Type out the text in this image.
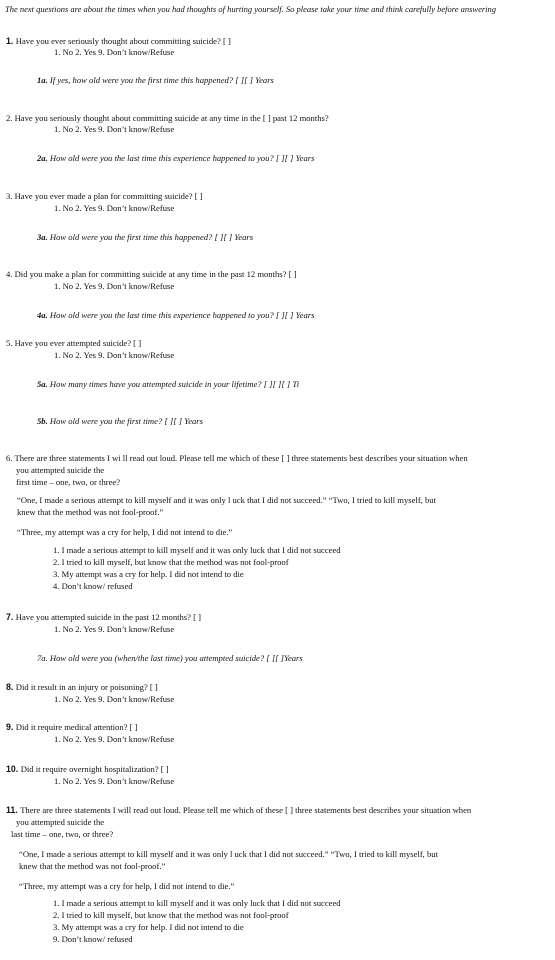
The next questions are about the times when you had thoughts of hurting yourself. So please take your time and think carefully before answering
1. Have you ever seriously thought about committing suicide? [ ]
1. No 2. Yes 9. Don’t know/Refuse
1a. If yes, how old were you the first time this happened? [ ][ ] Years
2. Have you seriously thought about committing suicide at any time in the [ ] past 12 months?
1. No 2. Yes 9. Don’t know/Refuse
2a. How old were you the last time this experience happened to you? [ ][ ] Years
3. Have you ever made a plan for committing suicide? [ ]
1. No 2. Yes 9. Don’t know/Refuse
3a. How old were you the first time this happened? [ ][ ] Years
4. Did you make a plan for committing suicide at any time in the past 12 months? [ ]
1. No 2. Yes 9. Don’t know/Refuse
4a. How old were you the last time this experience happened to you? [ ][ ] Years
5. Have you ever attempted suicide? [ ]
1. No 2. Yes 9. Don’t know/Refuse
5a. How many times have you attempted suicide in your lifetime? [ ][ ][ ] Ti
5b. How old were you the first time? [ ][ ] Years
6. There are three statements I wi ll read out loud. Please tell me which of these [ ] three statements best describes your situation when
you attempted suicide the
first time – one, two, or three?
“One, I made a serious attempt to kill myself and it was only l uck that I did not succeed.” “Two, I tried to kill myself, but
knew that the method was not fool-proof.”
“Three, my attempt was a cry for help, I did not intend to die.”
1. I made a serious attempt to kill myself and it was only luck that I did not succeed
2. I tried to kill myself, but know that the method was not fool-proof
3. My attempt was a cry for help. I did not intend to die
4. Don’t know/ refused
7. Have you attempted suicide in the past 12 months? [ ]
1. No 2. Yes 9. Don’t know/Refuse
7a. How old were you (when/the last time) you attempted suicide? [ ][ ]Years
8. Did it result in an injury or poisoning? [ ]
1. No 2. Yes 9. Don’t know/Refuse
9. Did it require medical attention? [ ]
1. No 2. Yes 9. Don’t know/Refuse
10. Did it require overnight hospitalization? [ ]
1. No 2. Yes 9. Don’t know/Refuse
11. There are three statements I will read out loud. Please tell me which of these [ ] three statements best describes your situation when
you attempted suicide the
last time – one, two, or three?
“One, I made a serious attempt to kill myself and it was only l uck that I did not succeed.” “Two, I tried to kill myself, but
knew that the method was not fool-proof.”
“Three, my attempt was a cry for help, I did not intend to die.”
1. I made a serious attempt to kill myself and it was only luck that I did not succeed
2. I tried to kill myself, but know that the method was not fool-proof
3. My attempt was a cry for help. I did not intend to die
9. Don’t know/ refused
